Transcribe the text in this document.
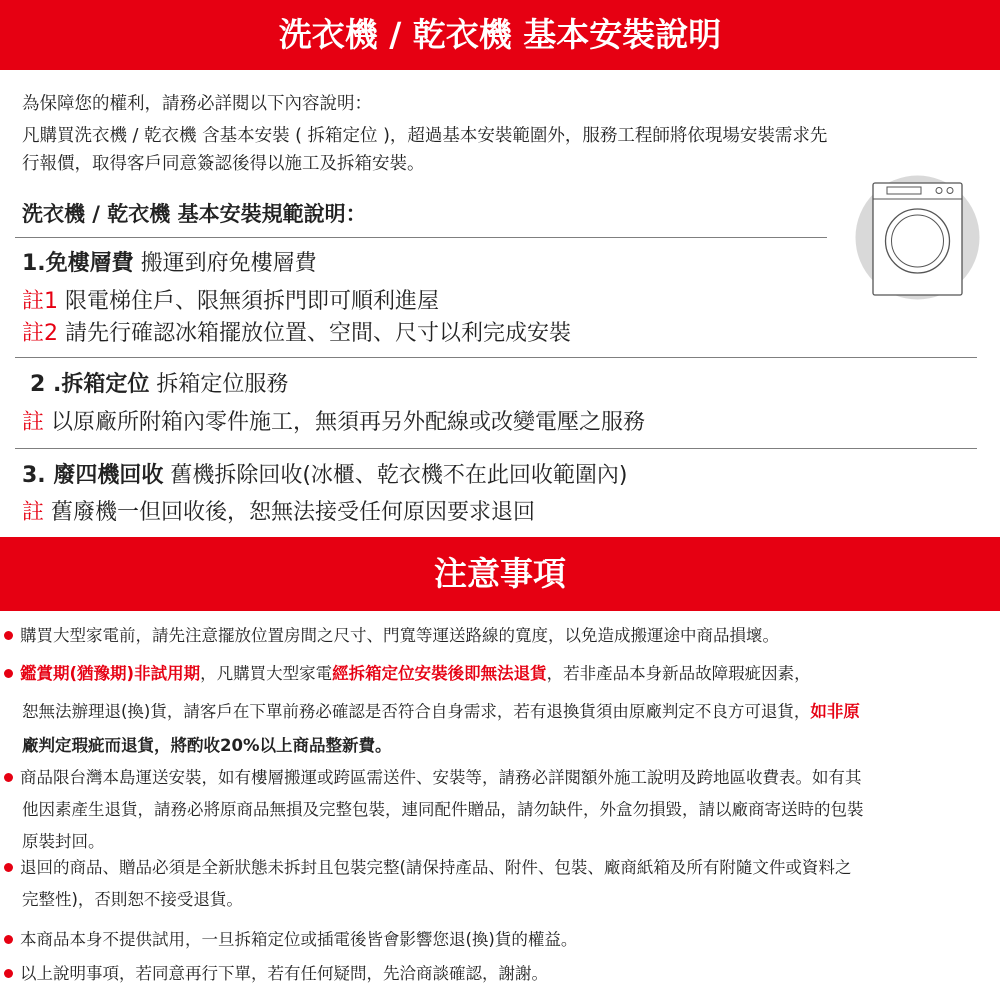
洗衣機 / 乾衣機 基本安裝說明
為保障您的權利，請務必詳閱以下內容說明：
凡購買洗衣機 / 乾衣機 含基本安裝 ( 拆箱定位 )，超過基本安裝範圍外，服務工程師將依現場安裝需求先
行報價，取得客戶同意簽認後得以施工及拆箱安裝。
洗衣機 / 乾衣機 基本安裝規範說明：
1.免樓層費 搬運到府免樓層費
註1 限電梯住戶、限無須拆門即可順利進屋
註2 請先行確認冰箱擺放位置、空間、尺寸以利完成安裝
2 .拆箱定位 拆箱定位服務
註 以原廠所附箱內零件施工，無須再另外配線或改變電壓之服務
3. 廢四機回收 舊機拆除回收(冰櫃、乾衣機不在此回收範圍內)
註 舊廢機一但回收後，恕無法接受任何原因要求退回
注意事項
購買大型家電前，請先注意擺放位置房間之尺寸、門寬等運送路線的寬度，以免造成搬運途中商品損壞。
鑑賞期(猶豫期)非試用期，凡購買大型家電經拆箱定位安裝後即無法退貨，若非產品本身新品故障瑕疵因素，
恕無法辦理退(換)貨，請客戶在下單前務必確認是否符合自身需求，若有退換貨須由原廠判定不良方可退貨，如非原
廠判定瑕疵而退貨，將酌收20%以上商品整新費。
商品限台灣本島運送安裝，如有樓層搬運或跨區需送件、安裝等，請務必詳閱額外施工說明及跨地區收費表。如有其
他因素產生退貨，請務必將原商品無損及完整包裝，連同配件贈品，請勿缺件，外盒勿損毀，請以廠商寄送時的包裝
原裝封回。
退回的商品、贈品必須是全新狀態未拆封且包裝完整(請保持產品、附件、包裝、廠商紙箱及所有附隨文件或資料之
完整性)，否則恕不接受退貨。
本商品本身不提供試用，一旦拆箱定位或插電後皆會影響您退(換)貨的權益。
以上說明事項，若同意再行下單，若有任何疑問，先洽商談確認，謝謝。
